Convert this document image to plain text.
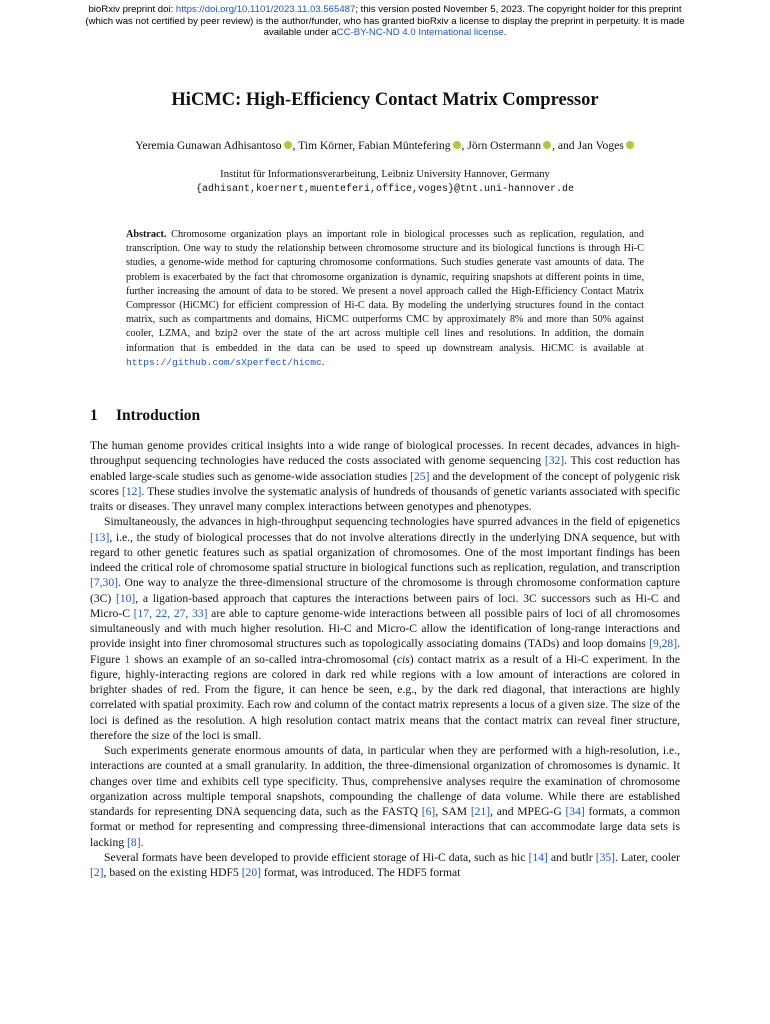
bioRxiv preprint doi: https://doi.org/10.1101/2023.11.03.565487; this version posted November 5, 2023. The copyright holder for this preprint
(which was not certified by peer review) is the author/funder, who has granted bioRxiv a license to display the preprint in perpetuity. It is made
available under aCC-BY-NC-ND 4.0 International license.
HiCMC: High-Efficiency Contact Matrix Compressor
Yeremia Gunawan Adhisantoso , Tim Körner, Fabian Müntefering , Jörn Ostermann , and Jan Voges
Institut für Informationsverarbeitung, Leibniz University Hannover, Germany
{adhisant,koernert,muenteferi,office,voges}@tnt.uni-hannover.de
Abstract. Chromosome organization plays an important role in biological processes such as replication, regulation, and transcription. One way to study the relationship between chromosome structure and its biological functions is through Hi-C studies, a genome-wide method for capturing chromosome conformations. Such studies generate vast amounts of data. The problem is exacerbated by the fact that chromosome organization is dynamic, requiring snapshots at different points in time, further increasing the amount of data to be stored. We present a novel approach called the High-Efficiency Contact Matrix Compressor (HiCMC) for efficient compression of Hi-C data. By modeling the underlying structures found in the contact matrix, such as compartments and domains, HiCMC outperforms CMC by approximately 8% and more than 50% against cooler, LZMA, and bzip2 over the state of the art across multiple cell lines and resolutions. In addition, the domain information that is embedded in the data can be used to speed up downstream analysis. HiCMC is available at https://github.com/sXperfect/hicmc.
1 Introduction

The human genome provides critical insights into a wide range of biological processes. In recent decades, advances in high-throughput sequencing technologies have reduced the costs associated with genome sequencing [32]. This cost reduction has enabled large-scale studies such as genome-wide association studies [25] and the development of the concept of polygenic risk scores [12]. These studies involve the systematic analysis of hundreds of thousands of genetic variants associated with specific traits or diseases. They unravel many complex interactions between genotypes and phenotypes.

Simultaneously, the advances in high-throughput sequencing technologies have spurred advances in the field of epigenetics [13], i.e., the study of biological processes that do not involve alterations directly in the underlying DNA sequence, but with regard to other genetic features such as spatial organization of chromosomes. One of the most important findings has been indeed the critical role of chromosome spatial structure in biological functions such as replication, regulation, and transcription [7,30]. One way to analyze the three-dimensional structure of the chromosome is through chromosome conformation capture (3C) [10], a ligation-based approach that captures the interactions between pairs of loci. 3C successors such as Hi-C and Micro-C [17, 22, 27, 33] are able to capture genome-wide interactions between all possible pairs of loci of all chromosomes simultaneously and with much higher resolution. Hi-C and Micro-C allow the identification of long-range interactions and provide insight into finer chromosomal structures such as topologically associating domains (TADs) and loop domains [9,28]. Figure 1 shows an example of an so-called intra-chromosomal (cis) contact matrix as a result of a Hi-C experiment. In the figure, highly-interacting regions are colored in dark red while regions with a low amount of interactions are colored in brighter shades of red. From the figure, it can hence be seen, e.g., by the dark red diagonal, that interactions are highly correlated with spatial proximity. Each row and column of the contact matrix represents a locus of a given size. The size of the loci is defined as the resolution. A high resolution contact matrix means that the contact matrix can reveal finer structure, therefore the size of the loci is small.

Such experiments generate enormous amounts of data, in particular when they are performed with a high-resolution, i.e., interactions are counted at a small granularity. In addition, the three-dimensional organization of chromosomes is dynamic. It changes over time and exhibits cell type specificity. Thus, comprehensive analyses require the examination of chromosome organization across multiple temporal snapshots, compounding the challenge of data volume. While there are established standards for representing DNA sequencing data, such as the FASTQ [6], SAM [21], and MPEG-G [34] formats, a common format or method for representing and compressing three-dimensional interactions that can accommodate large data sets is lacking [8].

Several formats have been developed to provide efficient storage of Hi-C data, such as hic [14] and butlr [35]. Later, cooler [2], based on the existing HDF5 [20] format, was introduced. The HDF5 format
